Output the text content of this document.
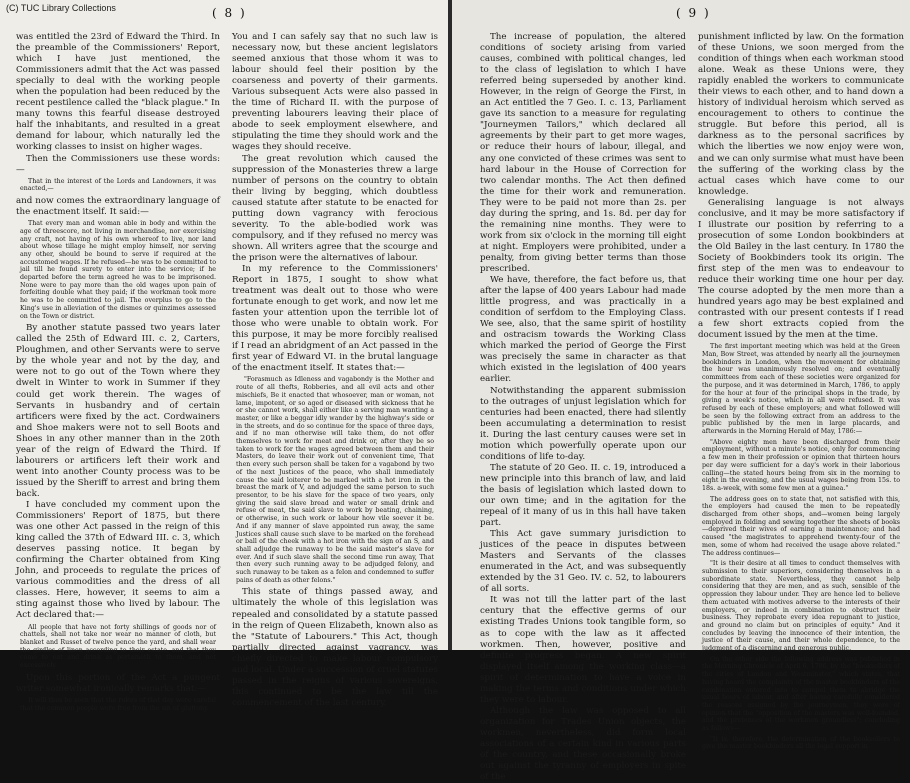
( 8 )

was entitled the 23rd of Edward the Third. In the preamble of the Commissioners' Report, which I have just mentioned, the Commissioners admit that the Act was passed specially to deal with the working people when the population had been reduced by the recent pestilence called the "black plague." In many towns this fearful disease destroyed half the inhabitants, and resulted in a great demand for labour, which naturally led the working classes to insist on higher wages.

Then the Commissioners use these words:—

That in the interest of the Lords and Landowners, it was enacted,—

and now comes the extraordinary language of the enactment itself. It said:—

That every man and woman able in body and within the age of threescore, not living in merchandise, nor exercising any craft, not having of his own whereof to live, nor land about whose tillage he might employ himself, nor serving any other, should be bound to serve if required at the accustomed wages. If he refused—he was to be committed to jail till he found surety to enter into the service; if he departed before the term agreed he was to be imprisoned. None were to pay more than the old wages upon pain of forfeiting double what they paid; if the workman took more he was to be committed to jail. The overplus to go to the King's use in alleviation of the dismes or quinzimes assessed on the Town or district.

By another statute passed two years later called the 25th of Edward III. c. 2, Carters, Ploughmen, and other Servants were to serve by the whole year and not by the day, and were not to go out of the Town where they dwelt in Winter to work in Summer if they could get work therein. The wages of Servants in husbandry and of certain artificers were fixed by the act. Cordwainers and Shoe makers were not to sell Boots and Shoes in any other manner than in the 20th year of the reign of Edward the Third. If labourers or artificers left their work and went into another County process was to be issued by the Sheriff to arrest and bring them back.

I have concluded my comment upon the Commissioners' Report of 1875, but there was one other Act passed in the reign of this king called the 37th of Edward III. c. 3, which deserves passing notice. It began by confirming the Charter obtained from King John, and proceeds to regulate the prices of various commodities and the dress of all classes. Here, however, it seems to aim a sting against those who lived by labour. The Act declared that:—

All people that have not forty shillings of goods nor of chattels, shall not take nor wear no manner of cloth, but blanket and Russet of twelve pence the yard, and shall wear the girdles of linen according to their estate, and that they come to eat and drink as pertaineth to them, and not excessively.

Upon this portion of the Act a pungent writer somewhat ironically remarks that:—

It will thus be seen that the rulers of that day were careful that the common people were free from the sin of gluttony.

You and I can safely say that no such law is necessary now, but these ancient legislators seemed anxious that those whom it was to labour should feel their position by the coarseness and poverty of their garments. Various subsequent Acts were also passed in the time of Richard II. with the purpose of preventing labourers leaving their place of abode to seek employment elsewhere, and stipulating the time they should work and the wages they should receive.

The great revolution which caused the suppression of the Monasteries threw a large number of persons on the country to obtain their living by begging, which doubtless caused statute after statute to be enacted for putting down vagrancy with ferocious severity. To the able-bodied work was compulsory, and if they refused no mercy was shown. All writers agree that the scourge and the prison were the alternatives of labour.

In my reference to the Commissioners' Report in 1875, I sought to show what treatment was dealt out to those who were fortunate enough to get work, and now let me fasten your attention upon the terrible lot of those who were unable to obtain work. For this purpose, it may be more forcibly realised if I read an abridgment of an Act passed in the first year of Edward VI. in the brutal language of the enactment itself. It states that:—

"Forasmuch as Idleness and vagabondy is the Mother and route of all thefts, Robberies, and all evil acts and other mischiefs, Be it enacted that whosoever, man or woman, not lame, impotent, or so aged or diseased with sickness that he or she cannot work, shall either like a serving man wanting a master, or like a beggar idly wander by the highway's side or in the streets, and do so continue for the space of three days, and if no man otherwise will take them, do not offer themselves to work for meat and drink or, after they be so taken to work for the wages agreed between them and their Masters, do leave their work out of convenient time, That then every such person shall be taken for a vagabond by two of the next Justices of the peace, who shall immediately cause the said loiterer to be marked with a hot iron in the breast the mark of V, and adjudged the same person to such presentor, to be his slave for the space of two years, only giving the said slave bread and water or small drink and refuse of meat, the said slave to work by beating, chaining, or otherwise, in such work or labour how vile soever it be. And if any manner of slave appointed run away, the same Justices shall cause such slave to be marked on the forehead or ball of the cheek with a hot iron with the sign of an S, and shall adjudge the runaway to be the said master's slave for ever. And if such slave shall the second time run away, That then every such running away to be adjudged felony, and such runaway to be taken as a felon and condemned to suffer pains of death as other felons."

This state of things passed away, and ultimately the whole of this legislation was repealed and consolidated by a statute passed in the reign of Queen Elizabeth, known also as the "Statute of Labourers." This Act, though partially directed against vagrancy, was chiefly directed to make labour compulsory and local. Under a succession of cruel statutes passed in the reigns of various sovereigns, this continued to be the law till the commencement of the last century.

(C) TUC Library Collections	( 9 )

The increase of population, the altered conditions of society arising from varied causes, combined with political changes, led to the class of legislation to which I have referred being superseded by another kind. However, in the reign of George the First, in an Act entitled the 7 Geo. I. c. 13, Parliament gave its sanction to a measure for regulating "Journeymen Tailors," which declared all agreements by their part to get more wages, or reduce their hours of labour, illegal, and any one convicted of these crimes was sent to hard labour in the House of Correction for two calendar months. The Act then defined the time for their work and remuneration. They were to be paid not more than 2s. per day during the spring, and 1s. 8d. per day for the remaining nine months. They were to work from six o'clock in the morning till eight at night. Employers were prohibited, under a penalty, from giving better terms than those prescribed.

We have, therefore, the fact before us, that after the lapse of 400 years Labour had made little progress, and was practically in a condition of serfdom to the Employing Class. We see, also, that the same spirit of hostility and ostracism towards the Working Class which marked the period of George the First was precisely the same in character as that which existed in the legislation of 400 years earlier.

Notwithstanding the apparent submission to the outrages of unjust legislation which for centuries had been enacted, there had silently been accumulating a determination to resist it. During the last century causes were set in motion which powerfully operate upon our conditions of life to-day.

The statute of 20 Geo. II. c. 19, introduced a new principle into this branch of law, and laid the basis of legislation which lasted down to our own time; and in the agitation for the repeal of it many of us in this hall have taken part.

This Act gave summary jurisdiction to justices of the peace in disputes between Masters and Servants of the classes enumerated in the Act, and was subsequently extended by the 31 Geo. IV. c. 52, to labourers of all sorts.

It was not till the latter part of the last century that the effective germs of our existing Trades Unions took tangible form, so as to cope with the law as it affected workmen. Then, however, positive and definite progress began. A new spirit displayed itself among the working class—a spirit of determination to have a voice in making the terms and conditions under which they were to labour.

Although the law was opposed to all organization for Trades Union objects, the workmen, nevertheless, did form local associations of a certain kind in various parts of the country, and these occasionally broke out against the tyranny of employers in spite of the

punishment inflicted by law. On the formation of these Unions, we soon merged from the condition of things when each workman stood alone. Weak as these Unions were, they rapidly enabled the workers to communicate their views to each other, and to hand down a history of individual heroism which served as encouragement to others to continue the struggle. But before this period, all is darkness as to the personal sacrifices by which the liberties we now enjoy were won, and we can only surmise what must have been the suffering of the working class by the actual cases which have come to our knowledge.

Generalising language is not always conclusive, and it may be more satisfactory if I illustrate our position by referring to a prosecution of some London bookbinders at the Old Bailey in the last century. In 1780 the Society of Bookbinders took its origin. The first step of the men was to endeavour to reduce their working time one hour per day. The course adopted by the men more than a hundred years ago may be best explained and contrasted with our present contests if I read a few short extracts copied from the document issued by the men at the time.

The first important meeting which was held at the Green Man, Bow Street, was attended by nearly all the journeymen bookbinders in London, when the movement for obtaining the hour was unanimously resolved on; and eventually committees from each of these societies were organized for the purpose, and it was determined in March, 1786, to apply for the hour at four of the principal shops in the trade, by giving a week's notice, which in all were refused. It was refused by each of these employers; and what followed will be seen by the following extract from an address to the public published by the men in large placards, and afterwards in the Morning Herald of May, 1786:—
"Above eighty men have been discharged from their employment, without a minute's notice, only for commencing a few men in their profession or opinion that thirteen hours per day were sufficient for a day's work in their laborious calling—the stated hours being from six in the morning to eight in the evening, and the usual wages being from 15s. to 18s. a-week, with some few men at a guinea."
The address goes on to state that, not satisfied with this, the employers had caused the men to be repeatedly discharged from other shops, and—women being largely employed in folding and sewing together the sheets of books—deprived their wives of earning a maintenance; and had caused "the magistrates to apprehend twenty-four of the men, some of whom had received the usage above related." The address continues—
"It is their desire at all times to conduct themselves with submission to their superiors, considering themselves in a subordinate state. Nevertheless, they cannot help considering that they are men, and as such, sensible of the oppression they labour under. They are hence led to believe them actuated with motives adverse to the interests of their employers, or indeed in combination to obstruct their business. They reprobate every idea repugnant to justice, and ground no claim but on principles of equity." And it concludes by leaving the innocence of their intention, the justice of their cause, and their whole dependence, to the judgment of a discerning and generous public.
On the other side the following address was published in the Morning Chronicle of April 6, 1786, by the "booksellers of the cities of London and Westminster," which states, that having heard the complaints of the master bookbinders of the combination entered into to compel them to abridge the usual hours of labour, and after having carefully considered the reasons assigned by the journeymen, they were of opinion that the "opposition of the masters was well-founded, and the pretences of the workmen groundless"; concluding as follows—
"It is, therefore, the determination of the booksellers to give the master bookbinders all the legal support in
